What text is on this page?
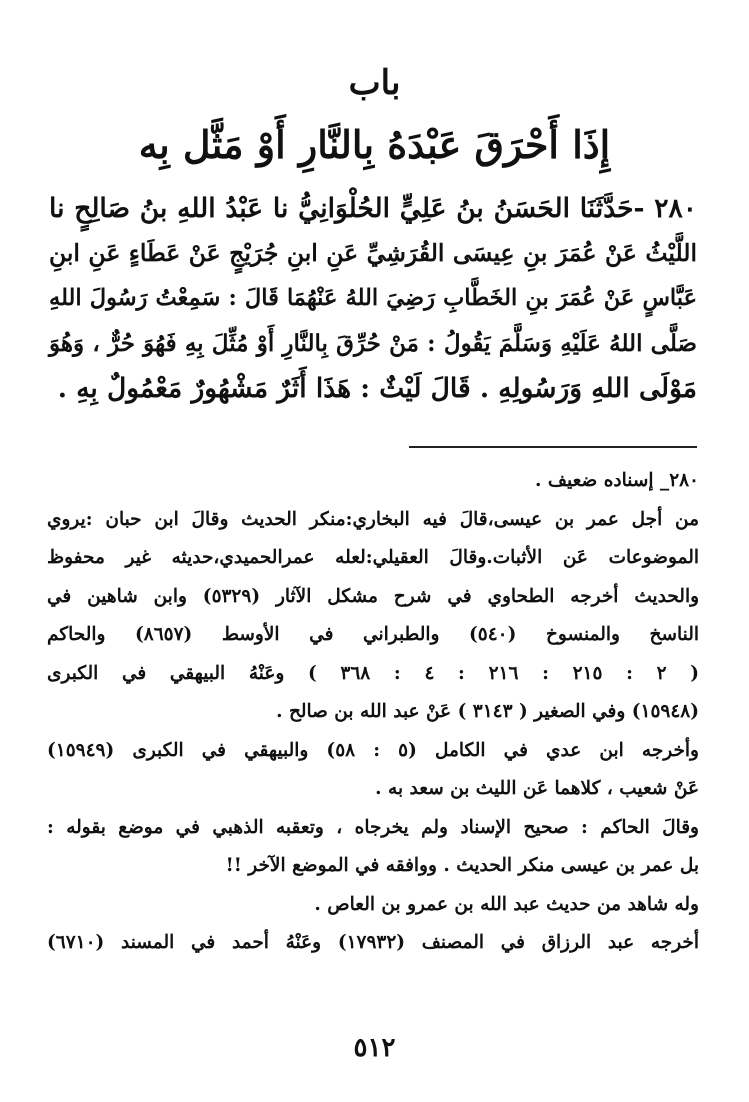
باب
إِذَا أَحْرَقَ عَبْدَهُ بِالنَّارِ أَوْ مَثَّل بِه
٢٨٠ -حَدَّثَنَا الحَسَنُ بنُ عَلِيٍّ الحُلْوَانِيُّ نا عَبْدُ اللهِ بنُ صَالِحٍ نا
اللَّيْثُ عَنْ عُمَرَ بنِ عِيسَى القُرَشِيِّ عَنِ ابنِ جُرَيْجٍ عَنْ عَطَاءٍ عَنِ ابنِ
عَبَّاسٍ عَنْ عُمَرَ بنِ الخَطَّابِ رَضِيَ اللهُ عَنْهُمَا قَالَ : سَمِعْتُ رَسُولَ اللهِ
صَلَّى اللهُ عَلَيْهِ وَسَلَّمَ يَقُولُ : مَنْ حُرِّقَ بِالنَّارِ أَوْ مُثِّلَ بِهِ فَهُوَ حُرٌّ ، وَهُوَ
مَوْلَى اللهِ وَرَسُولِهِ . قَالَ لَيْثٌ : هَذَا أَثَرٌ مَشْهُورٌ مَعْمُولٌ بِهِ .
٢٨٠_ إسناده ضعيف .
من أجل عمر بن عيسى،قالَ فيه البخاري:منكر الحديث وقالَ ابن حبان :يروي
الموضوعات عَن الأثبات.وقالَ العقيلي:لعله عمرالحميدي،حديثه غير محفوظ
والحديث أخرجه الطحاوي في شرح مشكل الآثار (٥٣٢٩) وابن شاهين في
الناسخ والمنسوخ (٥٤٠) والطبراني في الأوسط (٨٦٥٧) والحاكم
( ٢ : ٢١٥ : ٢١٦ : ٤ : ٣٦٨ ) وعَنْهُ البيهقي في الكبرى
(١٥٩٤٨) وفي الصغير ( ٣١٤٣ ) عَنْ عبد الله بن صالح .
وأخرجه ابن عدي في الكامل (٥ : ٥٨) والبيهقي في الكبرى (١٥٩٤٩)
عَنْ شعيب ، كلاهما عَن الليث بن سعد به .
وقالَ الحاكم : صحيح الإسناد ولم يخرجاه ، وتعقبه الذهبي في موضع بقوله :
بل عمر بن عيسى منكر الحديث . ووافقه في الموضع الآخر !!
وله شاهد من حديث عبد الله بن عمرو بن العاص .
أخرجه عبد الرزاق في المصنف (١٧٩٣٢) وعَنْهُ أحمد في المسند (٦٧١٠)
٥١٢
